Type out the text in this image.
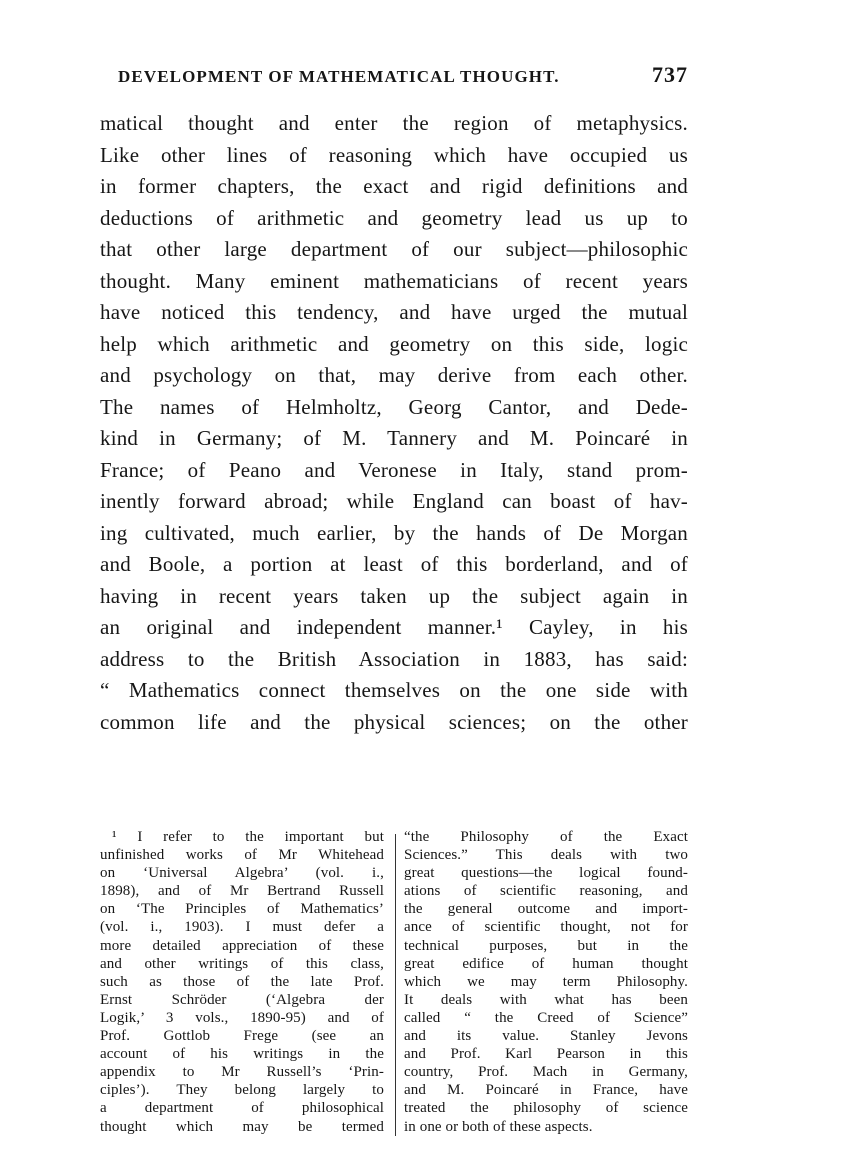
DEVELOPMENT OF MATHEMATICAL THOUGHT.	737
matical thought and enter the region of metaphysics.
Like other lines of reasoning which have occupied us
in former chapters, the exact and rigid definitions and
deductions of arithmetic and geometry lead us up to
that other large department of our subject—philosophic
thought. Many eminent mathematicians of recent years
have noticed this tendency, and have urged the mutual
help which arithmetic and geometry on this side, logic
and psychology on that, may derive from each other.
The names of Helmholtz, Georg Cantor, and Dede-
kind in Germany; of M. Tannery and M. Poincaré in
France; of Peano and Veronese in Italy, stand prom-
inently forward abroad; while England can boast of hav-
ing cultivated, much earlier, by the hands of De Morgan
and Boole, a portion at least of this borderland, and of
having in recent years taken up the subject again in
an original and independent manner.¹ Cayley, in his
address to the British Association in 1883, has said:
“ Mathematics connect themselves on the one side with
common life and the physical sciences; on the other
¹ I refer to the important but
unfinished works of Mr Whitehead
on ‘Universal Algebra’ (vol. i.,
1898), and of Mr Bertrand Russell
on ‘The Principles of Mathematics’
(vol. i., 1903). I must defer a
more detailed appreciation of these
and other writings of this class,
such as those of the late Prof.
Ernst Schröder (‘Algebra der
Logik,’ 3 vols., 1890-95) and of
Prof. Gottlob Frege (see an
account of his writings in the
appendix to Mr Russell’s ‘Prin-
ciples’). They belong largely to
a department of philosophical
thought which may be termed
“the Philosophy of the Exact
Sciences.” This deals with two
great questions—the logical found-
ations of scientific reasoning, and
the general outcome and import-
ance of scientific thought, not for
technical purposes, but in the
great edifice of human thought
which we may term Philosophy.
It deals with what has been
called “ the Creed of Science”
and its value. Stanley Jevons
and Prof. Karl Pearson in this
country, Prof. Mach in Germany,
and M. Poincaré in France, have
treated the philosophy of science
in one or both of these aspects.
